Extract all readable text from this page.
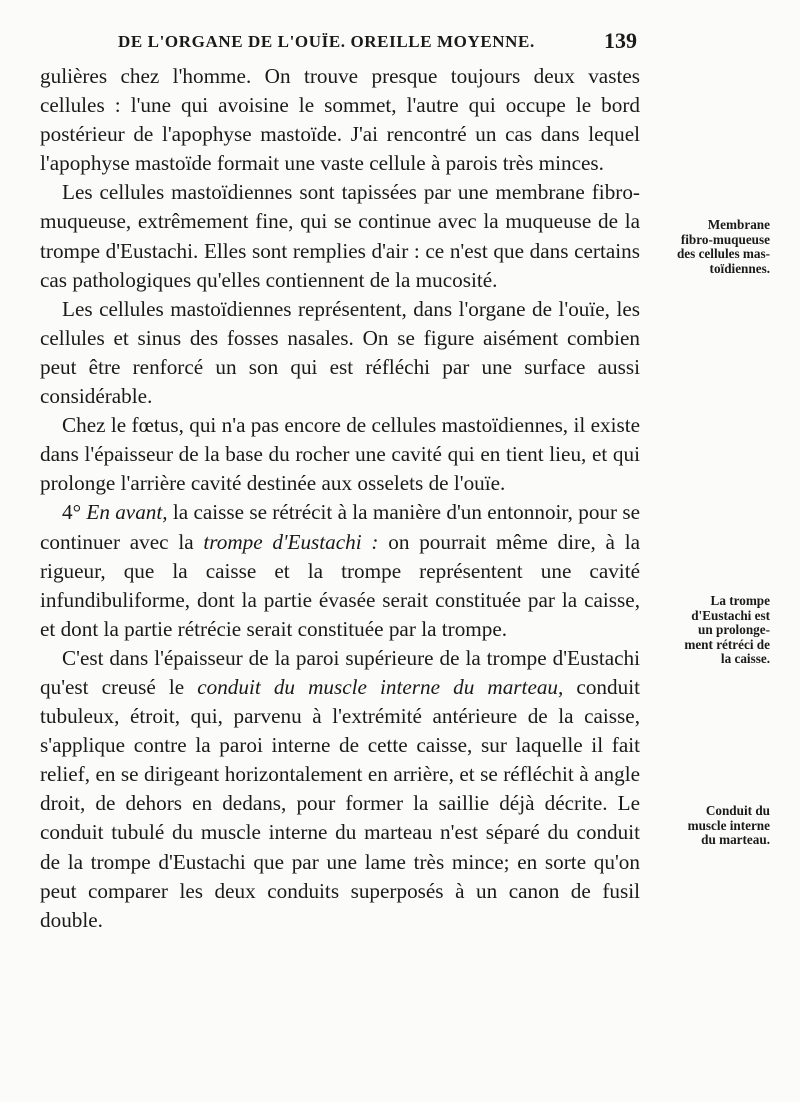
DE L'ORGANE DE L'OUÏE. OREILLE MOYENNE.	139

gulières chez l'homme. On trouve presque toujours deux vastes cellules : l'une qui avoisine le sommet, l'autre qui occupe le bord postérieur de l'apophyse mastoïde. J'ai rencontré un cas dans lequel l'apophyse mastoïde formait une vaste cellule à parois très minces.

Les cellules mastoïdiennes sont tapissées par une membrane fibro-muqueuse, extrêmement fine, qui se continue avec la muqueuse de la trompe d'Eustachi. Elles sont remplies d'air : ce n'est que dans certains cas pathologiques qu'elles contiennent de la mucosité.

Les cellules mastoïdiennes représentent, dans l'organe de l'ouïe, les cellules et sinus des fosses nasales. On se figure aisément combien peut être renforcé un son qui est réfléchi par une surface aussi considérable.

Chez le fœtus, qui n'a pas encore de cellules mastoïdiennes, il existe dans l'épaisseur de la base du rocher une cavité qui en tient lieu, et qui prolonge l'arrière cavité destinée aux osselets de l'ouïe.

4° En avant, la caisse se rétrécit à la manière d'un entonnoir, pour se continuer avec la trompe d'Eustachi : on pourrait même dire, à la rigueur, que la caisse et la trompe représentent une cavité infundibuliforme, dont la partie évasée serait constituée par la caisse, et dont la partie rétrécie serait constituée par la trompe.

C'est dans l'épaisseur de la paroi supérieure de la trompe d'Eustachi qu'est creusé le conduit du muscle interne du marteau, conduit tubuleux, étroit, qui, parvenu à l'extrémité antérieure de la caisse, s'applique contre la paroi interne de cette caisse, sur laquelle il fait relief, en se dirigeant horizontalement en arrière, et se réfléchit à angle droit, de dehors en dedans, pour former la saillie déjà décrite. Le conduit tubulé du muscle interne du marteau n'est séparé du conduit de la trompe d'Eustachi que par une lame très mince; en sorte qu'on peut comparer les deux conduits superposés à un canon de fusil double.

Membrane
fibro-muqueuse
des cellules mas-
toïdiennes.
La trompe
d'Eustachi est
un prolonge-
ment rétréci de
la caisse.
Conduit du
muscle interne
du marteau.
